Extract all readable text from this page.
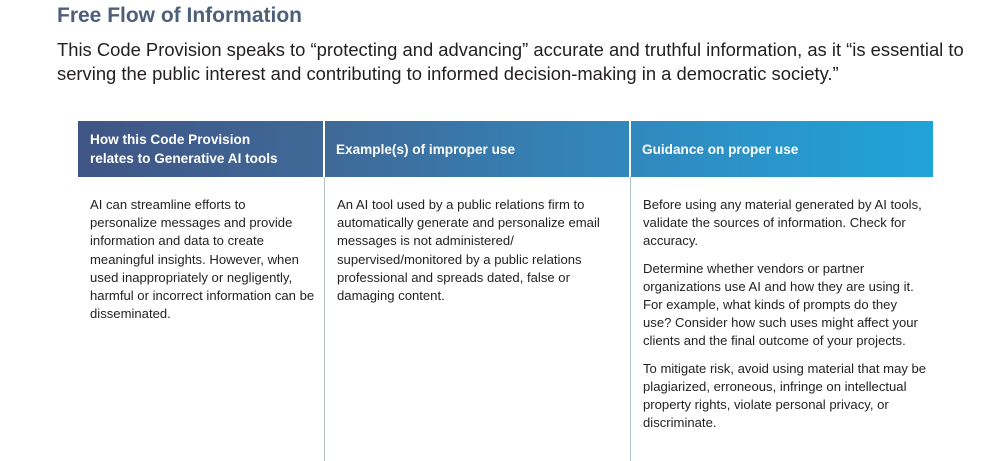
Free Flow of Information

This Code Provision speaks to “protecting and advancing” accurate and truthful information, as it “is essential to serving the public interest and contributing to informed decision-making in a democratic society.”

How this Code Provision relates to Generative AI tools
Example(s) of improper use	Guidance on proper use
AI can streamline efforts to personalize messages and provide information and data to create meaningful insights. However, when used inappropriately or negligently, harmful or incorrect information can be disseminated.
An AI tool used by a public relations firm to automatically generate and personalize email messages is not administered/ supervised/monitored by a public relations professional and spreads dated, false or damaging content.

Before using any material generated by AI tools, validate the sources of information. Check for accuracy.

Determine whether vendors or partner organizations use AI and how they are using it. For example, what kinds of prompts do they use? Consider how such uses might affect your clients and the final outcome of your projects.

To mitigate risk, avoid using material that may be plagiarized, erroneous, infringe on intellectual property rights, violate personal privacy, or discriminate.
